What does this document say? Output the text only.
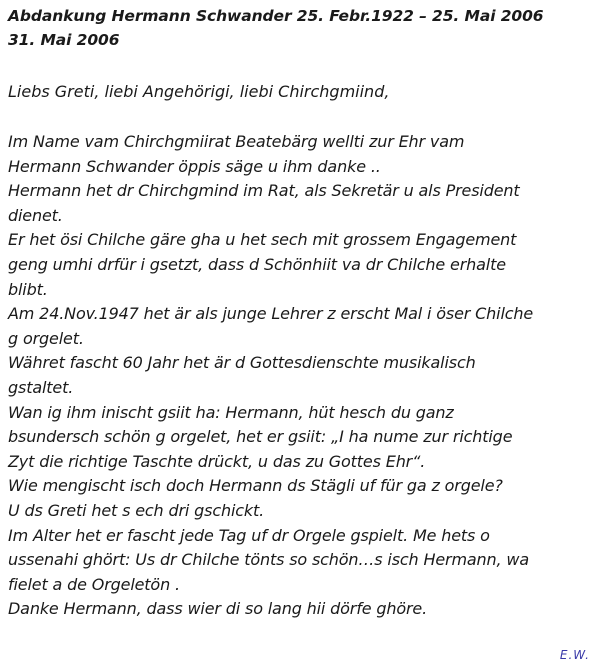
Abdankung Hermann Schwander 25. Febr.1922 – 25. Mai 2006
31. Mai 2006
Liebs Greti, liebi Angehörigi, liebi Chirchgmiind,
Im Name vam Chirchgmiirat Beatebärg wellti zur Ehr vam
Hermann Schwander öppis säge u ihm danke ..
Hermann het dr Chirchgmind im Rat, als Sekretär u als President
dienet.
Er het ösi Chilche gäre gha u het sech mit grossem Engagement
geng umhi drfür i gsetzt, dass d Schönhiit va dr Chilche erhalte
blibt.
Am 24.Nov.1947 het är als junge Lehrer z erscht Mal i öser Chilche
g orgelet.
Währet fascht 60 Jahr het är d Gottesdienschte musikalisch
gstaltet.
Wan ig ihm inischt gsiit ha: Hermann, hüt hesch du ganz
bsundersch schön g orgelet, het er gsiit: „I ha nume zur richtige
Zyt die richtige Taschte drückt, u das zu Gottes Ehr“.
Wie mengischt isch doch Hermann ds Stägli uf für ga z orgele?
U ds Greti het s ech dri gschickt.
Im Alter het er fascht jede Tag uf dr Orgele gspielt. Me hets o
ussenahi ghört: Us dr Chilche tönts so schön…s isch Hermann, wa
fielet a de Orgeletön .
Danke Hermann, dass wier di so lang hii dörfe ghöre.
E.W.
